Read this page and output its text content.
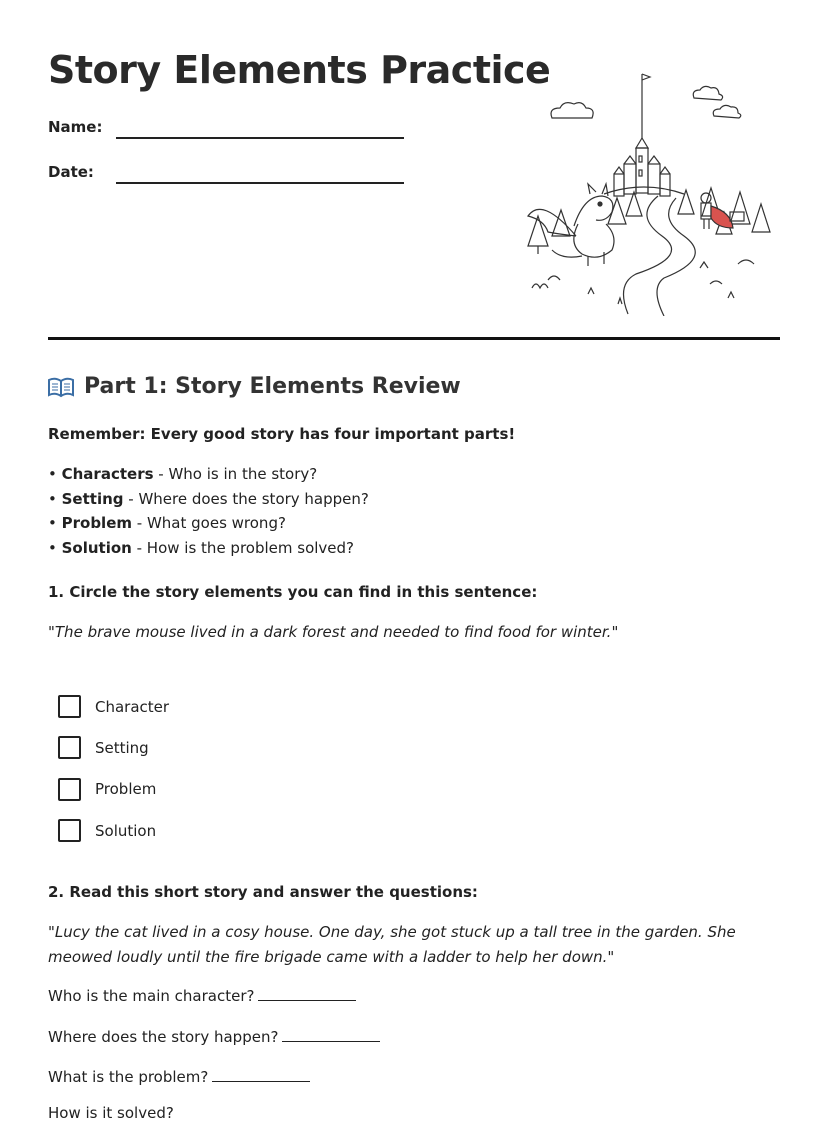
Story Elements Practice
Name:
Date:
Part 1: Story Elements Review
Remember: Every good story has four important parts!
• Characters - Who is in the story?
• Setting - Where does the story happen?
• Problem - What goes wrong?
• Solution - How is the problem solved?
1. Circle the story elements you can find in this sentence:
"The brave mouse lived in a dark forest and needed to find food for winter."
Character
Setting
Problem
Solution
2. Read this short story and answer the questions:
"Lucy the cat lived in a cosy house. One day, she got stuck up a tall tree in the garden. She meowed loudly until the fire brigade came with a ladder to help her down."
Who is the main character?
Where does the story happen?
What is the problem?
How is it solved?
